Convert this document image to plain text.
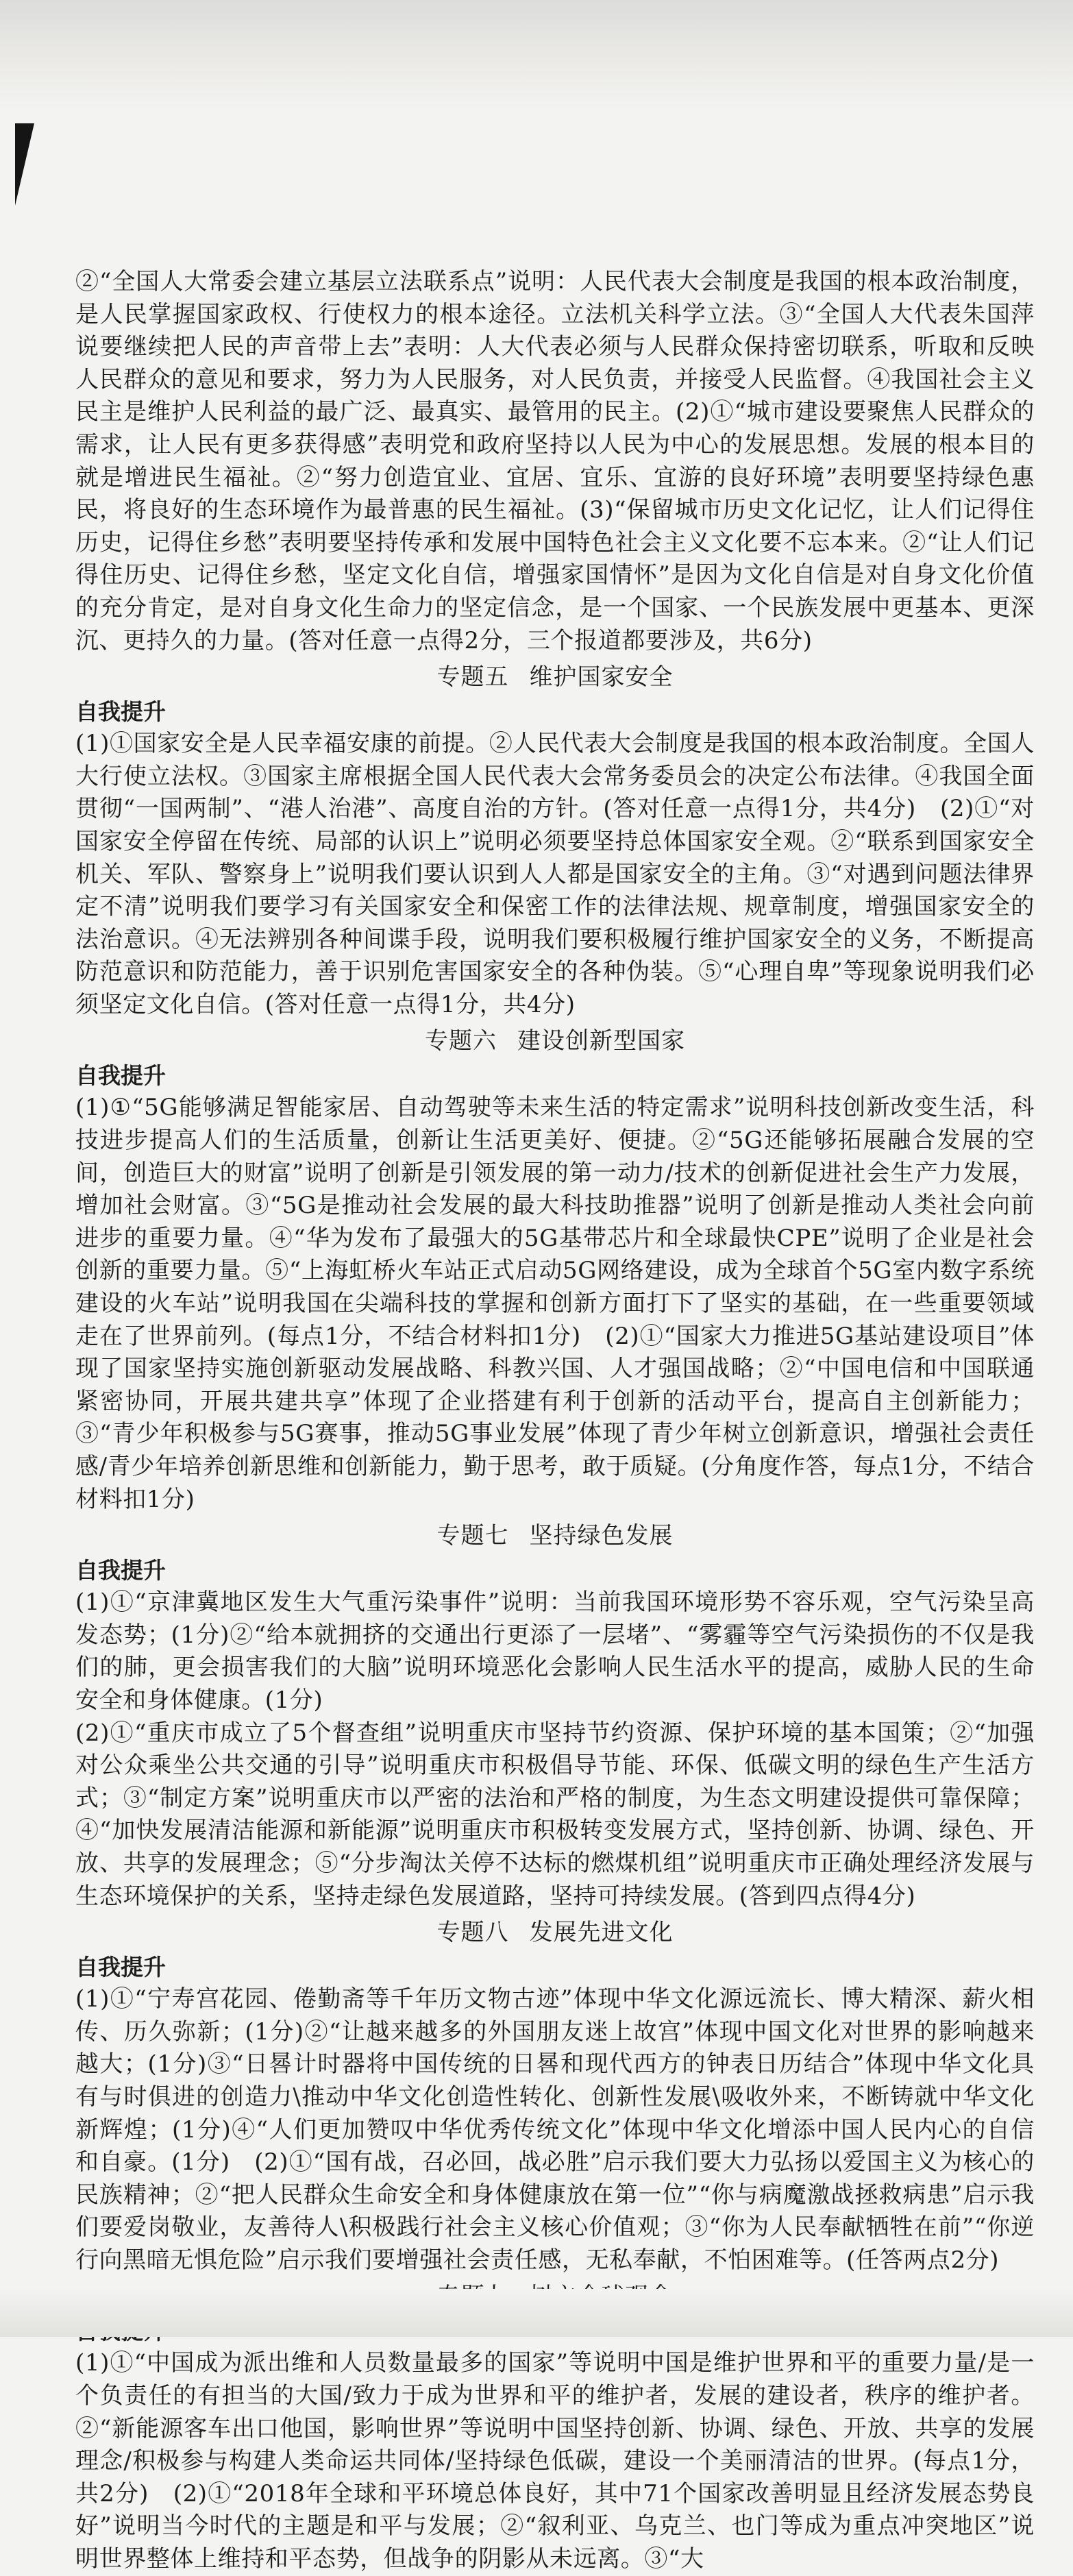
②“全国人大常委会建立基层立法联系点”说明：人民代表大会制度是我国的根本政治制度，是人民掌握国家政权、行使权力的根本途径。立法机关科学立法。③“全国人大代表朱国萍说要继续把人民的声音带上去”表明：人大代表必须与人民群众保持密切联系，听取和反映人民群众的意见和要求，努力为人民服务，对人民负责，并接受人民监督。④我国社会主义民主是维护人民利益的最广泛、最真实、最管用的民主。(2)①“城市建设要聚焦人民群众的需求，让人民有更多获得感”表明党和政府坚持以人民为中心的发展思想。发展的根本目的就是增进民生福祉。②“努力创造宜业、宜居、宜乐、宜游的良好环境”表明要坚持绿色惠民，将良好的生态环境作为最普惠的民生福祉。(3)“保留城市历史文化记忆，让人们记得住历史，记得住乡愁”表明要坚持传承和发展中国特色社会主义文化要不忘本来。②“让人们记得住历史、记得住乡愁，坚定文化自信，增强家国情怀”是因为文化自信是对自身文化价值的充分肯定，是对自身文化生命力的坚定信念，是一个国家、一个民族发展中更基本、更深沉、更持久的力量。(答对任意一点得2分，三个报道都要涉及，共6分)

专题五 维护国家安全

自我提升

(1)①国家安全是人民幸福安康的前提。②人民代表大会制度是我国的根本政治制度。全国人大行使立法权。③国家主席根据全国人民代表大会常务委员会的决定公布法律。④我国全面贯彻“一国两制”、“港人治港”、高度自治的方针。(答对任意一点得1分，共4分)　(2)①“对国家安全停留在传统、局部的认识上”说明必须要坚持总体国家安全观。②“联系到国家安全机关、军队、警察身上”说明我们要认识到人人都是国家安全的主角。③“对遇到问题法律界定不清”说明我们要学习有关国家安全和保密工作的法律法规、规章制度，增强国家安全的法治意识。④无法辨别各种间谍手段，说明我们要积极履行维护国家安全的义务，不断提高防范意识和防范能力，善于识别危害国家安全的各种伪装。⑤“心理自卑”等现象说明我们必须坚定文化自信。(答对任意一点得1分，共4分)

专题六 建设创新型国家

自我提升

(1)①“5G能够满足智能家居、自动驾驶等未来生活的特定需求”说明科技创新改变生活，科技进步提高人们的生活质量，创新让生活更美好、便捷。②“5G还能够拓展融合发展的空间，创造巨大的财富”说明了创新是引领发展的第一动力/技术的创新促进社会生产力发展，增加社会财富。③“5G是推动社会发展的最大科技助推器”说明了创新是推动人类社会向前进步的重要力量。④“华为发布了最强大的5G基带芯片和全球最快CPE”说明了企业是社会创新的重要力量。⑤“上海虹桥火车站正式启动5G网络建设，成为全球首个5G室内数字系统建设的火车站”说明我国在尖端科技的掌握和创新方面打下了坚实的基础，在一些重要领域走在了世界前列。(每点1分，不结合材料扣1分)　(2)①“国家大力推进5G基站建设项目”体现了国家坚持实施创新驱动发展战略、科教兴国、人才强国战略；②“中国电信和中国联通紧密协同，开展共建共享”体现了企业搭建有利于创新的活动平台，提高自主创新能力；③“青少年积极参与5G赛事，推动5G事业发展”体现了青少年树立创新意识，增强社会责任感/青少年培养创新思维和创新能力，勤于思考，敢于质疑。(分角度作答，每点1分，不结合材料扣1分)

专题七 坚持绿色发展

自我提升

(1)①“京津冀地区发生大气重污染事件”说明：当前我国环境形势不容乐观，空气污染呈高发态势；(1分)②“给本就拥挤的交通出行更添了一层堵”、“雾霾等空气污染损伤的不仅是我们的肺，更会损害我们的大脑”说明环境恶化会影响人民生活水平的提高，威胁人民的生命安全和身体健康。(1分)

(2)①“重庆市成立了5个督查组”说明重庆市坚持节约资源、保护环境的基本国策；②“加强对公众乘坐公共交通的引导”说明重庆市积极倡导节能、环保、低碳文明的绿色生产生活方式；③“制定方案”说明重庆市以严密的法治和严格的制度，为生态文明建设提供可靠保障；④“加快发展清洁能源和新能源”说明重庆市积极转变发展方式，坚持创新、协调、绿色、开放、共享的发展理念；⑤“分步淘汰关停不达标的燃煤机组”说明重庆市正确处理经济发展与生态环境保护的关系，坚持走绿色发展道路，坚持可持续发展。(答到四点得4分)

专题八 发展先进文化

自我提升

(1)①“宁寿宫花园、倦勤斋等千年历文物古迹”体现中华文化源远流长、博大精深、薪火相传、历久弥新；(1分)②“让越来越多的外国朋友迷上故宫”体现中国文化对世界的影响越来越大；(1分)③“日晷计时器将中国传统的日晷和现代西方的钟表日历结合”体现中华文化具有与时俱进的创造力\推动中华文化创造性转化、创新性发展\吸收外来，不断铸就中华文化新辉煌；(1分)④“人们更加赞叹中华优秀传统文化”体现中华文化增添中国人民内心的自信和自豪。(1分)　(2)①“国有战，召必回，战必胜”启示我们要大力弘扬以爱国主义为核心的民族精神；②“把人民群众生命安全和身体健康放在第一位”“你与病魔激战拯救病患”启示我们要爱岗敬业，友善待人\积极践行社会主义核心价值观；③“你为人民奉献牺牲在前”“你逆行向黑暗无惧危险”启示我们要增强社会责任感，无私奉献，不怕困难等。(任答两点2分)

(1)①“中国成为派出维和人员数量最多的国家”等说明中国是维护世界和平的重要力量/是一个负责任的有担当的大国/致力于成为世界和平的维护者，发展的建设者，秩序的维护者。②“新能源客车出口他国，影响世界”等说明中国坚持创新、协调、绿色、开放、共享的发展理念/积极参与构建人类命运共同体/坚持绿色低碳，建设一个美丽清洁的世界。(每点1分，共2分)　(2)①“2018年全球和平环境总体良好，其中71个国家改善明显且经济发展态势良好”说明当今时代的主题是和平与发展；②“叙利亚、乌克兰、也门等成为重点冲突地区”说明世界整体上维持和平态势，但战争的阴影从未远离。③“大
